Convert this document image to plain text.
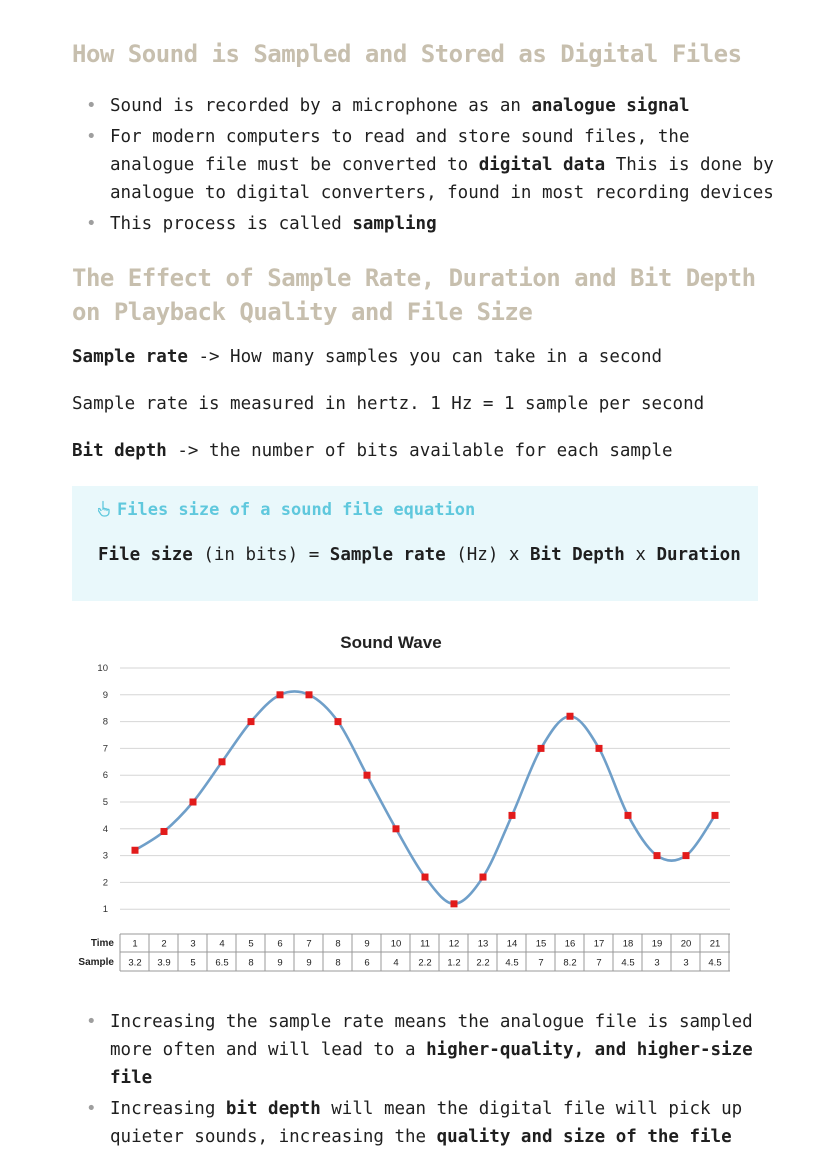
How Sound is Sampled and Stored as Digital Files
• Sound is recorded by a microphone as an analogue signal
• For modern computers to read and store sound files, the analogue file must be converted to digital data This is done by analogue to digital converters, found in most recording devices
• This process is called sampling
The Effect of Sample Rate, Duration and Bit Depth on Playback Quality and File Size

Sample rate -> How many samples you can take in a second

Sample rate is measured in hertz. 1 Hz = 1 sample per second

Bit depth -> the number of bits available for each sample

Files size of a sound file equation
File size (in bits) = Sample rate (Hz) x Bit Depth x Duration
Sound Wave
1
2
3
4
5
6
7
8
9
10
Time
Sample
1 2 3 4 5 6 7 8 9 10 11 12 13 14 15 16 17 18 19 20 21
3.2 3.9 5 6.5 8 9 9 8 6 4 2.2 1.2 2.2 4.5 7 8.2 7 4.5 3 3 4.5
• Increasing the sample rate means the analogue file is sampled more often and will lead to a higher-quality, and higher-size file
• Increasing bit depth will mean the digital file will pick up quieter sounds, increasing the quality and size of the file
